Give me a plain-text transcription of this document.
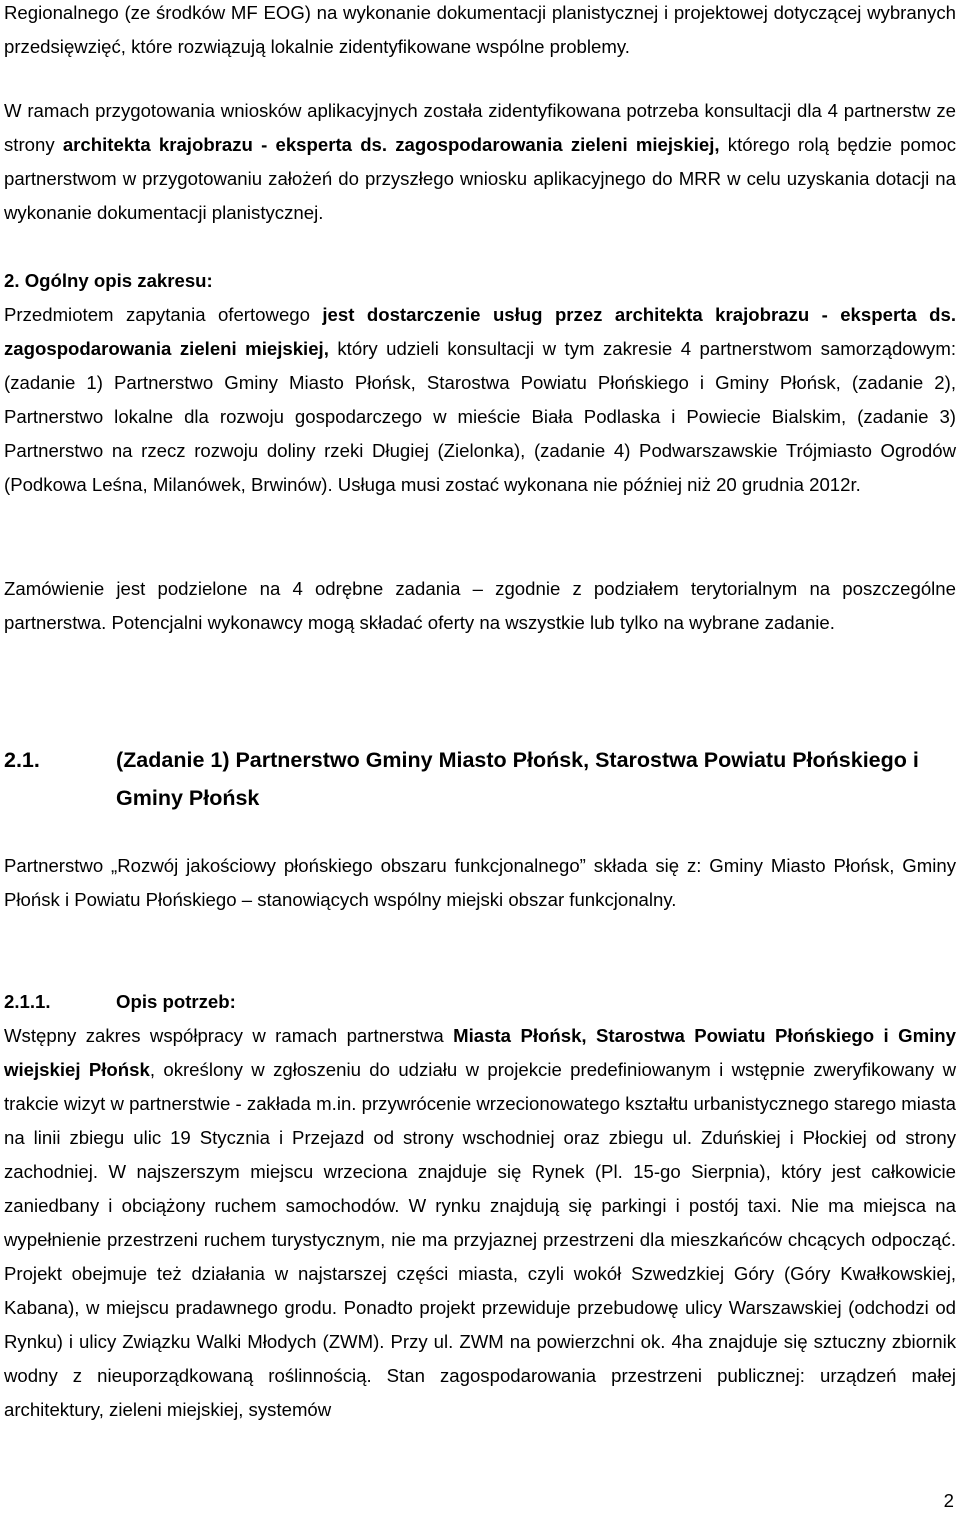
Regionalnego (ze środków MF EOG) na wykonanie dokumentacji planistycznej i projektowej dotyczącej wybranych przedsięwzięć, które rozwiązują lokalnie zidentyfikowane wspólne problemy.

W ramach przygotowania wniosków aplikacyjnych została zidentyfikowana potrzeba konsultacji dla 4 partnerstw ze strony architekta krajobrazu - eksperta ds. zagospodarowania zieleni miejskiej, którego rolą będzie pomoc partnerstwom w przygotowaniu założeń do przyszłego wniosku aplikacyjnego do MRR w celu uzyskania dotacji na wykonanie dokumentacji planistycznej.

2. Ogólny opis zakresu:

Przedmiotem zapytania ofertowego jest dostarczenie usług przez architekta krajobrazu - eksperta ds. zagospodarowania zieleni miejskiej, który udzieli konsultacji w tym zakresie 4 partnerstwom samorządowym: (zadanie 1) Partnerstwo Gminy Miasto Płońsk, Starostwa Powiatu Płońskiego i Gminy Płońsk, (zadanie 2), Partnerstwo lokalne dla rozwoju gospodarczego w mieście Biała Podlaska i Powiecie Bialskim, (zadanie 3) Partnerstwo na rzecz rozwoju doliny rzeki Długiej (Zielonka), (zadanie 4) Podwarszawskie Trójmiasto Ogrodów (Podkowa Leśna, Milanówek, Brwinów). Usługa musi zostać wykonana nie później niż 20 grudnia 2012r.

Zamówienie jest podzielone na 4 odrębne zadania – zgodnie z podziałem terytorialnym na poszczególne partnerstwa. Potencjalni wykonawcy mogą składać oferty na wszystkie lub tylko na wybrane zadanie.

2.1.	(Zadanie 1) Partnerstwo Gminy Miasto Płońsk, Starostwa Powiatu Płońskiego i
Gminy Płońsk

Partnerstwo „Rozwój jakościowy płońskiego obszaru funkcjonalnego” składa się z: Gminy Miasto Płońsk, Gminy Płońsk i Powiatu Płońskiego – stanowiących wspólny miejski obszar funkcjonalny.

2.1.1.	Opis potrzeb:

Wstępny zakres współpracy w ramach partnerstwa Miasta Płońsk, Starostwa Powiatu Płońskiego i Gminy wiejskiej Płońsk, określony w zgłoszeniu do udziału w projekcie predefiniowanym i wstępnie zweryfikowany w trakcie wizyt w partnerstwie - zakłada m.in. przywrócenie wrzecionowatego kształtu urbanistycznego starego miasta na linii zbiegu ulic 19 Stycznia i Przejazd od strony wschodniej oraz zbiegu ul. Zduńskiej i Płockiej od strony zachodniej. W najszerszym miejscu wrzeciona znajduje się Rynek (Pl. 15-go Sierpnia), który jest całkowicie zaniedbany i obciążony ruchem samochodów. W rynku znajdują się parkingi i postój taxi. Nie ma miejsca na wypełnienie przestrzeni ruchem turystycznym, nie ma przyjaznej przestrzeni dla mieszkańców chcących odpocząć. Projekt obejmuje też działania w najstarszej części miasta, czyli wokół Szwedzkiej Góry (Góry Kwałkowskiej, Kabana), w miejscu pradawnego grodu. Ponadto projekt przewiduje przebudowę ulicy Warszawskiej (odchodzi od Rynku) i ulicy Związku Walki Młodych (ZWM). Przy ul. ZWM na powierzchni ok. 4ha znajduje się sztuczny zbiornik wodny z nieuporządkowaną roślinnością. Stan zagospodarowania przestrzeni publicznej: urządzeń małej architektury, zieleni miejskiej, systemów

2
